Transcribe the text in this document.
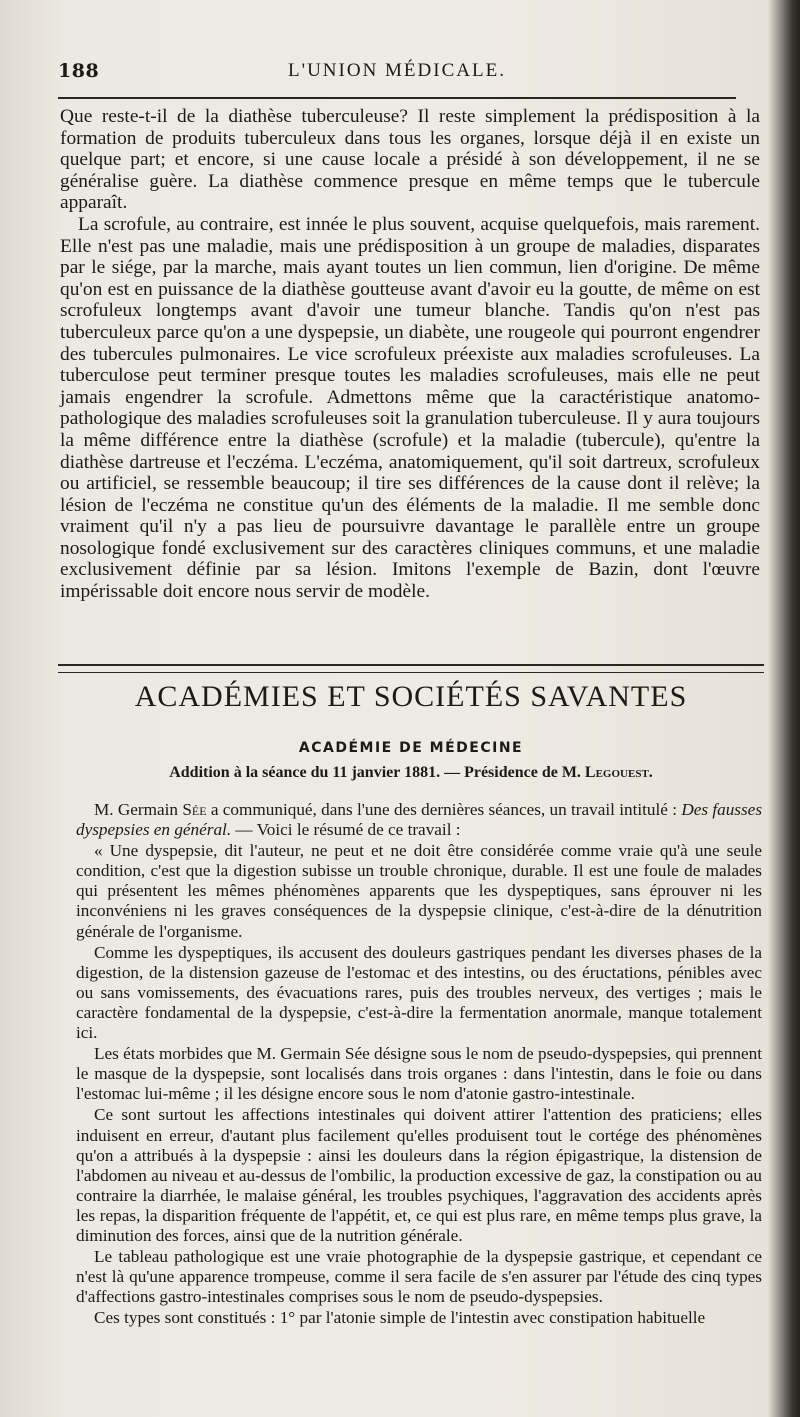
188	L'UNION MÉDICALE.

Que reste-t-il de la diathèse tuberculeuse? Il reste simplement la prédisposition à la formation de produits tuberculeux dans tous les organes, lorsque déjà il en existe un quelque part; et encore, si une cause locale a présidé à son développement, il ne se généralise guère. La diathèse commence presque en même temps que le tubercule apparaît.

La scrofule, au contraire, est innée le plus souvent, acquise quelquefois, mais rarement. Elle n'est pas une maladie, mais une prédisposition à un groupe de maladies, disparates par le siége, par la marche, mais ayant toutes un lien commun, lien d'origine. De même qu'on est en puissance de la diathèse goutteuse avant d'avoir eu la goutte, de même on est scrofuleux longtemps avant d'avoir une tumeur blanche. Tandis qu'on n'est pas tuberculeux parce qu'on a une dyspepsie, un diabète, une rougeole qui pourront engendrer des tubercules pulmonaires. Le vice scrofuleux préexiste aux maladies scrofuleuses. La tuberculose peut terminer presque toutes les maladies scrofuleuses, mais elle ne peut jamais engendrer la scrofule. Admettons même que la caractéristique anatomo-pathologique des maladies scrofuleuses soit la granulation tuberculeuse. Il y aura toujours la même différence entre la diathèse (scrofule) et la maladie (tubercule), qu'entre la diathèse dartreuse et l'eczéma. L'eczéma, anatomiquement, qu'il soit dartreux, scrofuleux ou artificiel, se ressemble beaucoup; il tire ses différences de la cause dont il relève; la lésion de l'eczéma ne constitue qu'un des éléments de la maladie. Il me semble donc vraiment qu'il n'y a pas lieu de poursuivre davantage le parallèle entre un groupe nosologique fondé exclusivement sur des caractères cliniques communs, et une maladie exclusivement définie par sa lésion. Imitons l'exemple de Bazin, dont l'œuvre impérissable doit encore nous servir de modèle.

ACADÉMIES ET SOCIÉTÉS SAVANTES
ACADÉMIE DE MÉDECINE
Addition à la séance du 11 janvier 1881. — Présidence de M. Legouest.

M. Germain Sée a communiqué, dans l'une des dernières séances, un travail intitulé : Des fausses dyspepsies en général. — Voici le résumé de ce travail :

« Une dyspepsie, dit l'auteur, ne peut et ne doit être considérée comme vraie qu'à une seule condition, c'est que la digestion subisse un trouble chronique, durable. Il est une foule de malades qui présentent les mêmes phénomènes apparents que les dyspeptiques, sans éprouver ni les inconvéniens ni les graves conséquences de la dyspepsie clinique, c'est-à-dire de la dénutrition générale de l'organisme.

Comme les dyspeptiques, ils accusent des douleurs gastriques pendant les diverses phases de la digestion, de la distension gazeuse de l'estomac et des intestins, ou des éructations, pénibles avec ou sans vomissements, des évacuations rares, puis des troubles nerveux, des vertiges ; mais le caractère fondamental de la dyspepsie, c'est-à-dire la fermentation anormale, manque totalement ici.

Les états morbides que M. Germain Sée désigne sous le nom de pseudo-dyspepsies, qui prennent le masque de la dyspepsie, sont localisés dans trois organes : dans l'intestin, dans le foie ou dans l'estomac lui-même ; il les désigne encore sous le nom d'atonie gastro-intestinale.

Ce sont surtout les affections intestinales qui doivent attirer l'attention des praticiens; elles induisent en erreur, d'autant plus facilement qu'elles produisent tout le cortége des phénomènes qu'on a attribués à la dyspepsie : ainsi les douleurs dans la région épigastrique, la distension de l'abdomen au niveau et au-dessus de l'ombilic, la production excessive de gaz, la constipation ou au contraire la diarrhée, le malaise général, les troubles psychiques, l'aggravation des accidents après les repas, la disparition fréquente de l'appétit, et, ce qui est plus rare, en même temps plus grave, la diminution des forces, ainsi que de la nutrition générale.

Le tableau pathologique est une vraie photographie de la dyspepsie gastrique, et cependant ce n'est là qu'une apparence trompeuse, comme il sera facile de s'en assurer par l'étude des cinq types d'affections gastro-intestinales comprises sous le nom de pseudo-dyspepsies.

Ces types sont constitués : 1° par l'atonie simple de l'intestin avec constipation habituelle
